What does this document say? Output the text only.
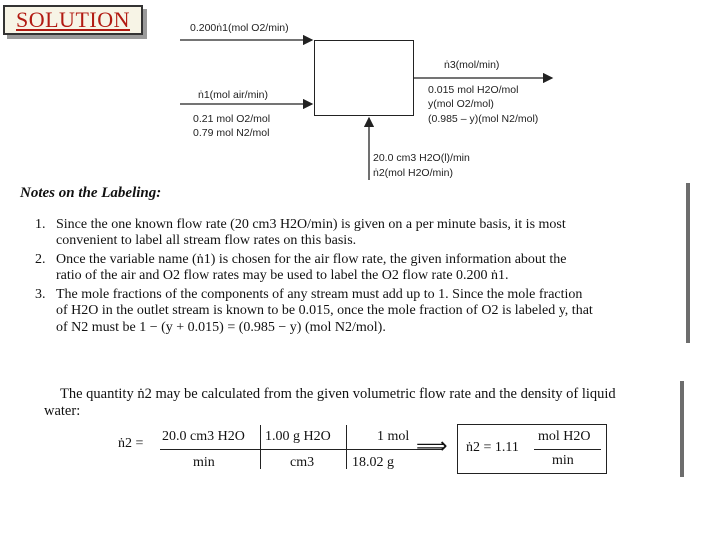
SOLUTION	0.200ṅ1(mol O2/min)
ṅ1(mol air/min)
0.21 mol O2/mol
0.79 mol N2/mol
ṅ3(mol/min)
0.015 mol H2O/mol
y(mol O2/mol)
(0.985 – y)(mol N2/mol)
20.0 cm3 H2O(l)/min
ṅ2(mol H2O/min)
Notes on the Labeling:
1. Since the one known flow rate (20 cm3 H2O/min) is given on a per minute basis, it is most
convenient to label all stream flow rates on this basis.
2. Once the variable name (ṅ1) is chosen for the air flow rate, the given information about the
ratio of the air and O2 flow rates may be used to label the O2 flow rate 0.200 ṅ1.
3. The mole fractions of the components of any stream must add up to 1. Since the mole fraction
of H2O in the outlet stream is known to be 0.015, once the mole fraction of O2 is labeled y, that
of N2 must be 1 − (y + 0.015) = (0.985 − y) (mol N2/mol).
The quantity ṅ2 may be calculated from the given volumetric flow rate and the density of liquid
water:
ṅ2 = 20.0 cm3 H2O
min
1.00 g H2O
cm3
1 mol
18.02 g
⟹ ṅ2 = 1.11
mol H2O
min
